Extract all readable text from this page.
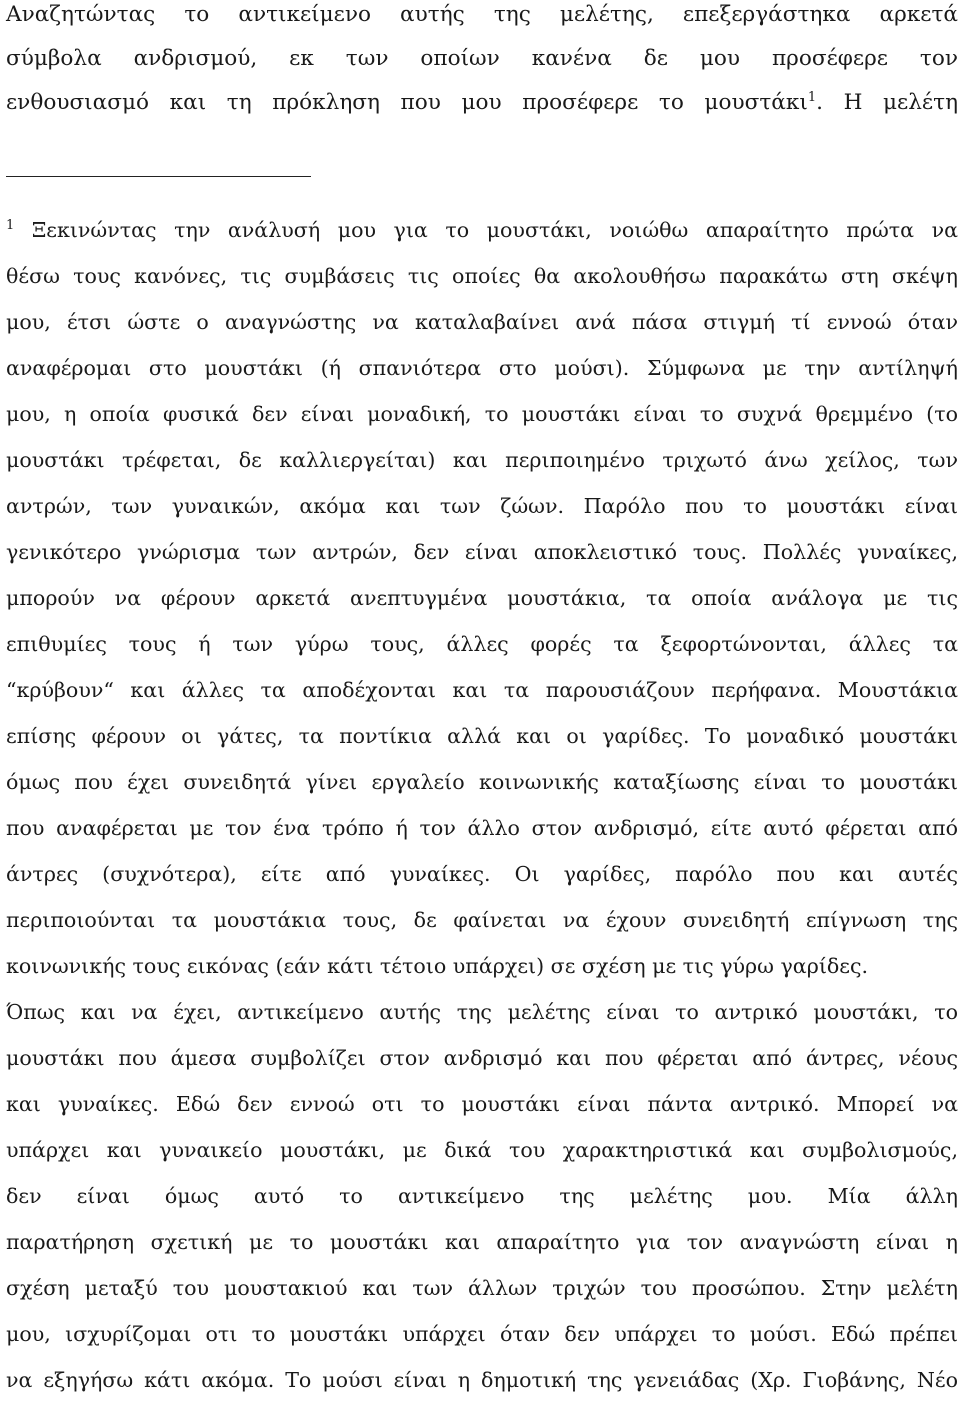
Αναζητώντας το αντικείμενο αυτής της μελέτης, επεξεργάστηκα αρκετά
σύμβολα ανδρισμού, εκ των οποίων κανένα δε μου προσέφερε τον
ενθουσιασμό και τη πρόκληση που μου προσέφερε το μουστάκι$^1$. Η μελέτη
$^1$ Ξεκινώντας την ανάλυσή μου για το μουστάκι, νοιώθω απαραίτητο πρώτα να
θέσω τους κανόνες, τις συμβάσεις τις οποίες θα ακολουθήσω παρακάτω στη σκέψη
μου, έτσι ώστε ο αναγνώστης να καταλαβαίνει ανά πάσα στιγμή τί εννοώ όταν
αναφέρομαι στο μουστάκι (ή σπανιότερα στο μούσι). Σύμφωνα με την αντίληψή
μου, η οποία φυσικά δεν είναι μοναδική, το μουστάκι είναι το συχνά θρεμμένο (το
μουστάκι τρέφεται, δε καλλιεργείται) και περιποιημένο τριχωτό άνω χείλος, των
αντρών, των γυναικών, ακόμα και των ζώων. Παρόλο που το μουστάκι είναι
γενικότερο γνώρισμα των αντρών, δεν είναι αποκλειστικό τους. Πολλές γυναίκες,
μπορούν να φέρουν αρκετά ανεπτυγμένα μουστάκια, τα οποία ανάλογα με τις
επιθυμίες τους ή των γύρω τους, άλλες φορές τα ξεφορτώνονται, άλλες τα
“κρύβουν“ και άλλες τα αποδέχονται και τα παρουσιάζουν περήφανα. Μουστάκια
επίσης φέρουν οι γάτες, τα ποντίκια αλλά και οι γαρίδες. Το μοναδικό μουστάκι
όμως που έχει συνειδητά γίνει εργαλείο κοινωνικής καταξίωσης είναι το μουστάκι
που αναφέρεται με τον ένα τρόπο ή τον άλλο στον ανδρισμό, είτε αυτό φέρεται από
άντρες (συχνότερα), είτε από γυναίκες. Οι γαρίδες, παρόλο που και αυτές
περιποιούνται τα μουστάκια τους, δε φαίνεται να έχουν συνειδητή επίγνωση της
κοινωνικής τους εικόνας (εάν κάτι τέτοιο υπάρχει) σε σχέση με τις γύρω γαρίδες.
Όπως και να έχει, αντικείμενο αυτής της μελέτης είναι το αντρικό μουστάκι, το
μουστάκι που άμεσα συμβολίζει στον ανδρισμό και που φέρεται από άντρες, νέους
και γυναίκες. Εδώ δεν εννοώ οτι το μουστάκι είναι πάντα αντρικό. Μπορεί να
υπάρχει και γυναικείο μουστάκι, με δικά του χαρακτηριστικά και συμβολισμούς,
δεν είναι όμως αυτό το αντικείμενο της μελέτης μου. Μία άλλη
παρατήρηση σχετική με το μουστάκι και απαραίτητο για τον αναγνώστη είναι η
σχέση μεταξύ του μουστακιού και των άλλων τριχών του προσώπου. Στην μελέτη
μου, ισχυρίζομαι οτι το μουστάκι υπάρχει όταν δεν υπάρχει το μούσι. Εδώ πρέπει
να εξηγήσω κάτι ακόμα. Το μούσι είναι η δημοτική της γενειάδας (Χρ. Γιοβάνης, Νέο
